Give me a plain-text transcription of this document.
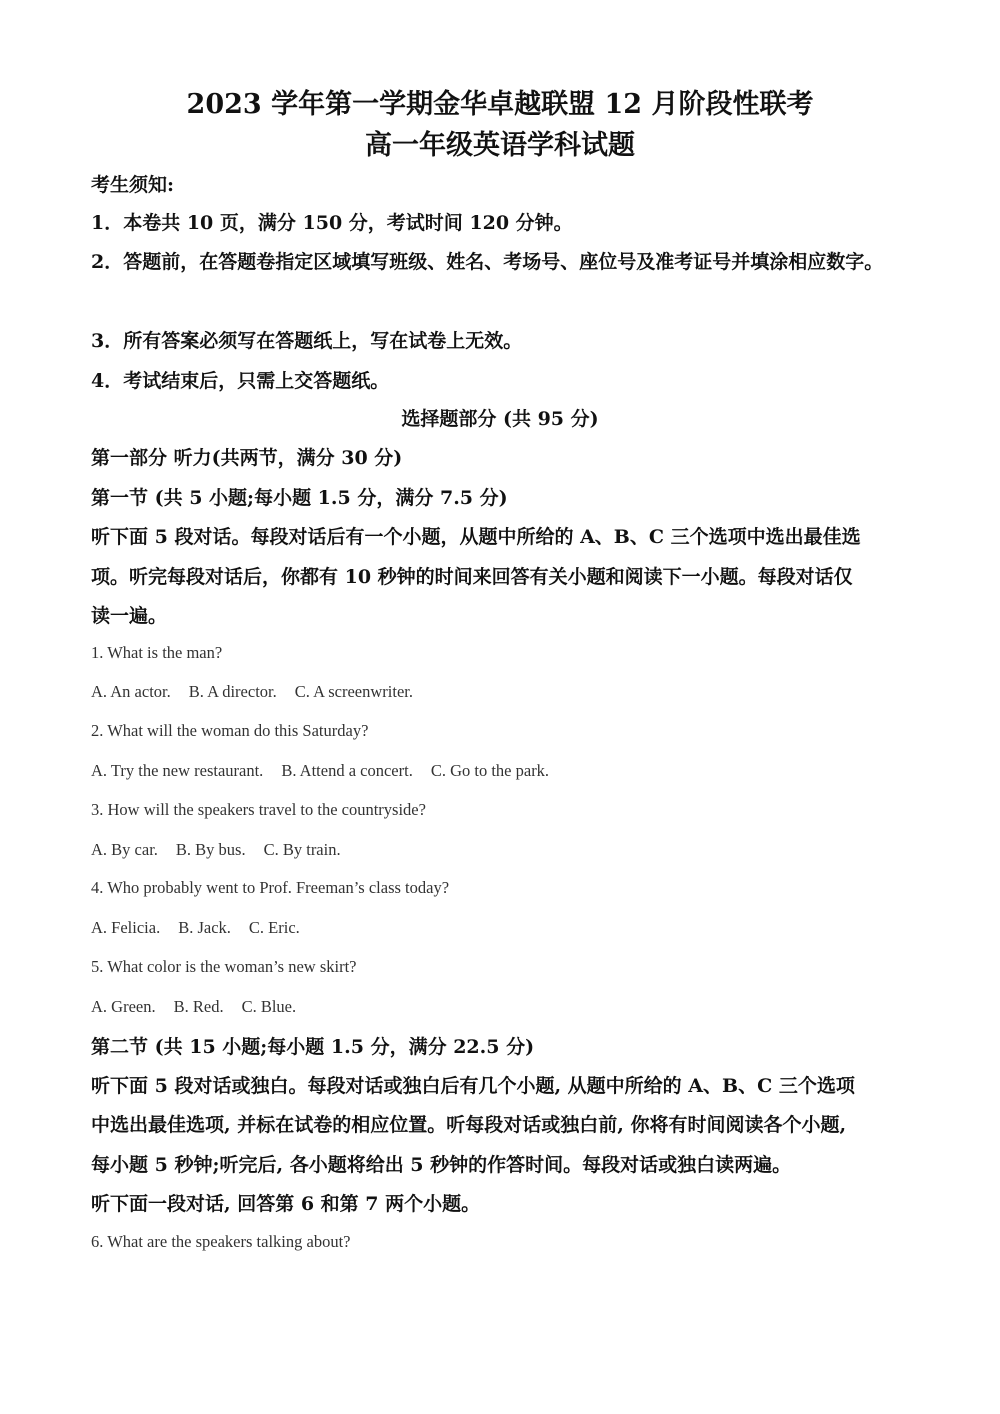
2023 学年第一学期金华卓越联盟 12 月阶段性联考
高一年级英语学科试题
考生须知:
1．本卷共 10 页，满分 150 分，考试时间 120 分钟。
2．答题前，在答题卷指定区域填写班级、姓名、考场号、座位号及准考证号并填涂相应数字。
3．所有答案必须写在答题纸上，写在试卷上无效。
4．考试结束后，只需上交答题纸。
选择题部分 (共 95 分)
第一部分 听力(共两节，满分 30 分)
第一节 (共 5 小题;每小题 1.5 分，满分 7.5 分)
听下面 5 段对话。每段对话后有一个小题，从题中所给的 A、B、C 三个选项中选出最佳选
项。听完每段对话后，你都有 10 秒钟的时间来回答有关小题和阅读下一小题。每段对话仅
读一遍。
1. What is the man?
A. An actor. B. A director. C. A screenwriter.
2. What will the woman do this Saturday?
A. Try the new restaurant. B. Attend a concert. C. Go to the park.
3. How will the speakers travel to the countryside?
A. By car. B. By bus. C. By train.
4. Who probably went to Prof. Freeman’s class today?
A. Felicia. B. Jack. C. Eric.
5. What color is the woman’s new skirt?
A. Green. B. Red. C. Blue.
第二节 (共 15 小题;每小题 1.5 分，满分 22.5 分)
听下面 5 段对话或独白。每段对话或独白后有几个小题, 从题中所给的 A、B、C 三个选项
中选出最佳选项, 并标在试卷的相应位置。听每段对话或独白前, 你将有时间阅读各个小题,
每小题 5 秒钟;听完后, 各小题将给出 5 秒钟的作答时间。每段对话或独白读两遍。
听下面一段对话, 回答第 6 和第 7 两个小题。
6. What are the speakers talking about?
